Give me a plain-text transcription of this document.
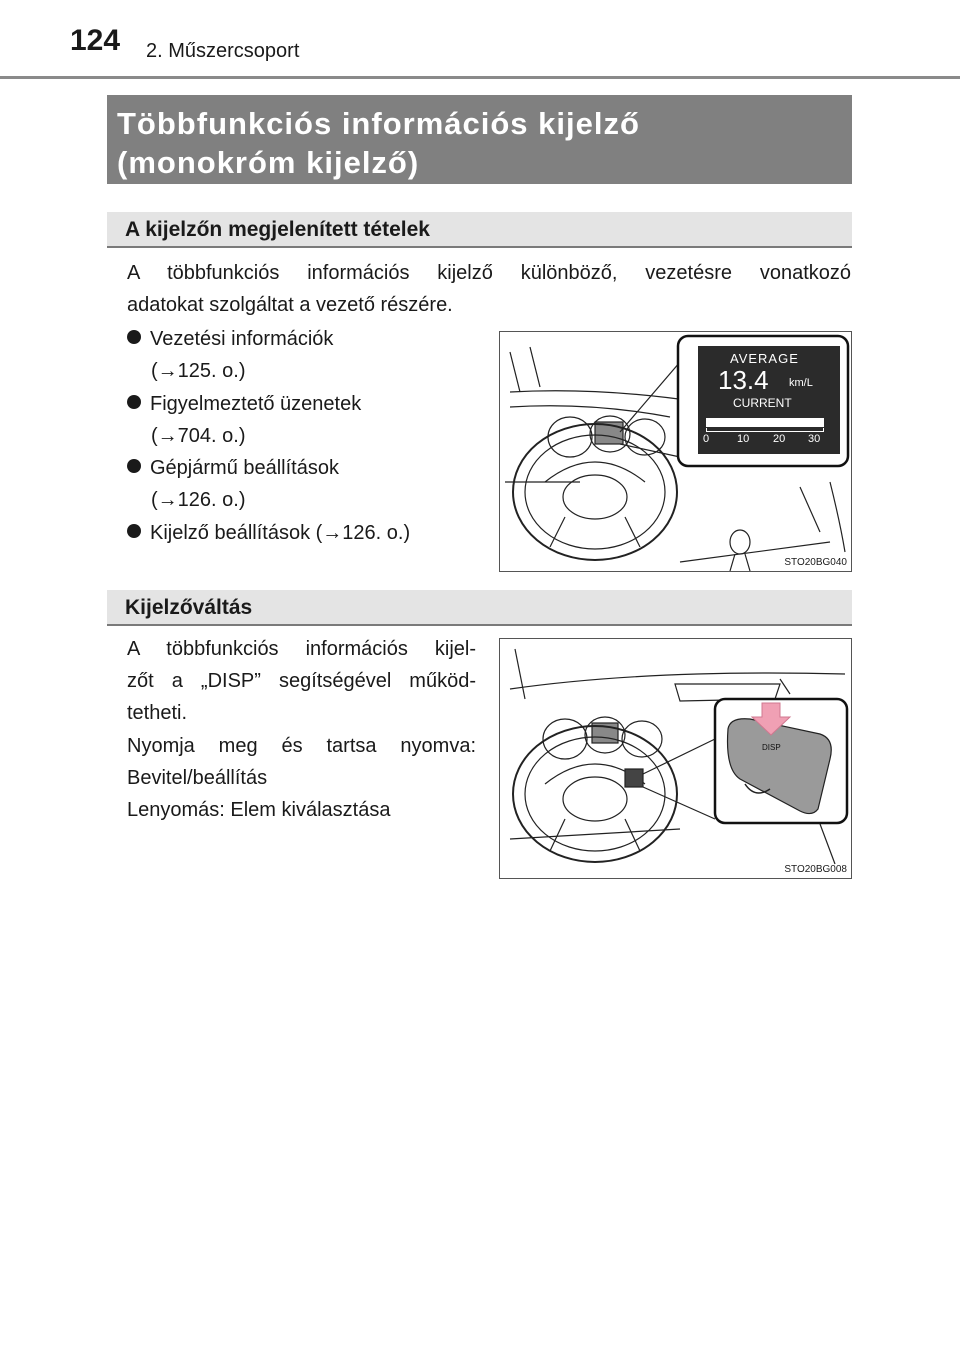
124 2. Műszercsoport
Többfunkciós információs kijelző
(monokróm kijelző)
A kijelzőn megjelenített tételek
A többfunkciós információs kijelző különböző, vezetésre vonatkozó
adatokat szolgáltat a vezető részére.
Vezetési információk
(→125. o.)
Figyelmeztető üzenetek
(→704. o.)
Gépjármű beállítások
(→126. o.)
Kijelző beállítások (→126. o.)
AVERAGE
13.4 km/L
CURRENT
0	10 20 30
STO20BG040
Kijelzőváltás
A többfunkciós információs kijel-
zőt a „DISP” segítségével működ-
tetheti.
Nyomja meg és tartsa nyomva:
Bevitel/beállítás
Lenyomás: Elem kiválasztása
DISP
STO20BG008
